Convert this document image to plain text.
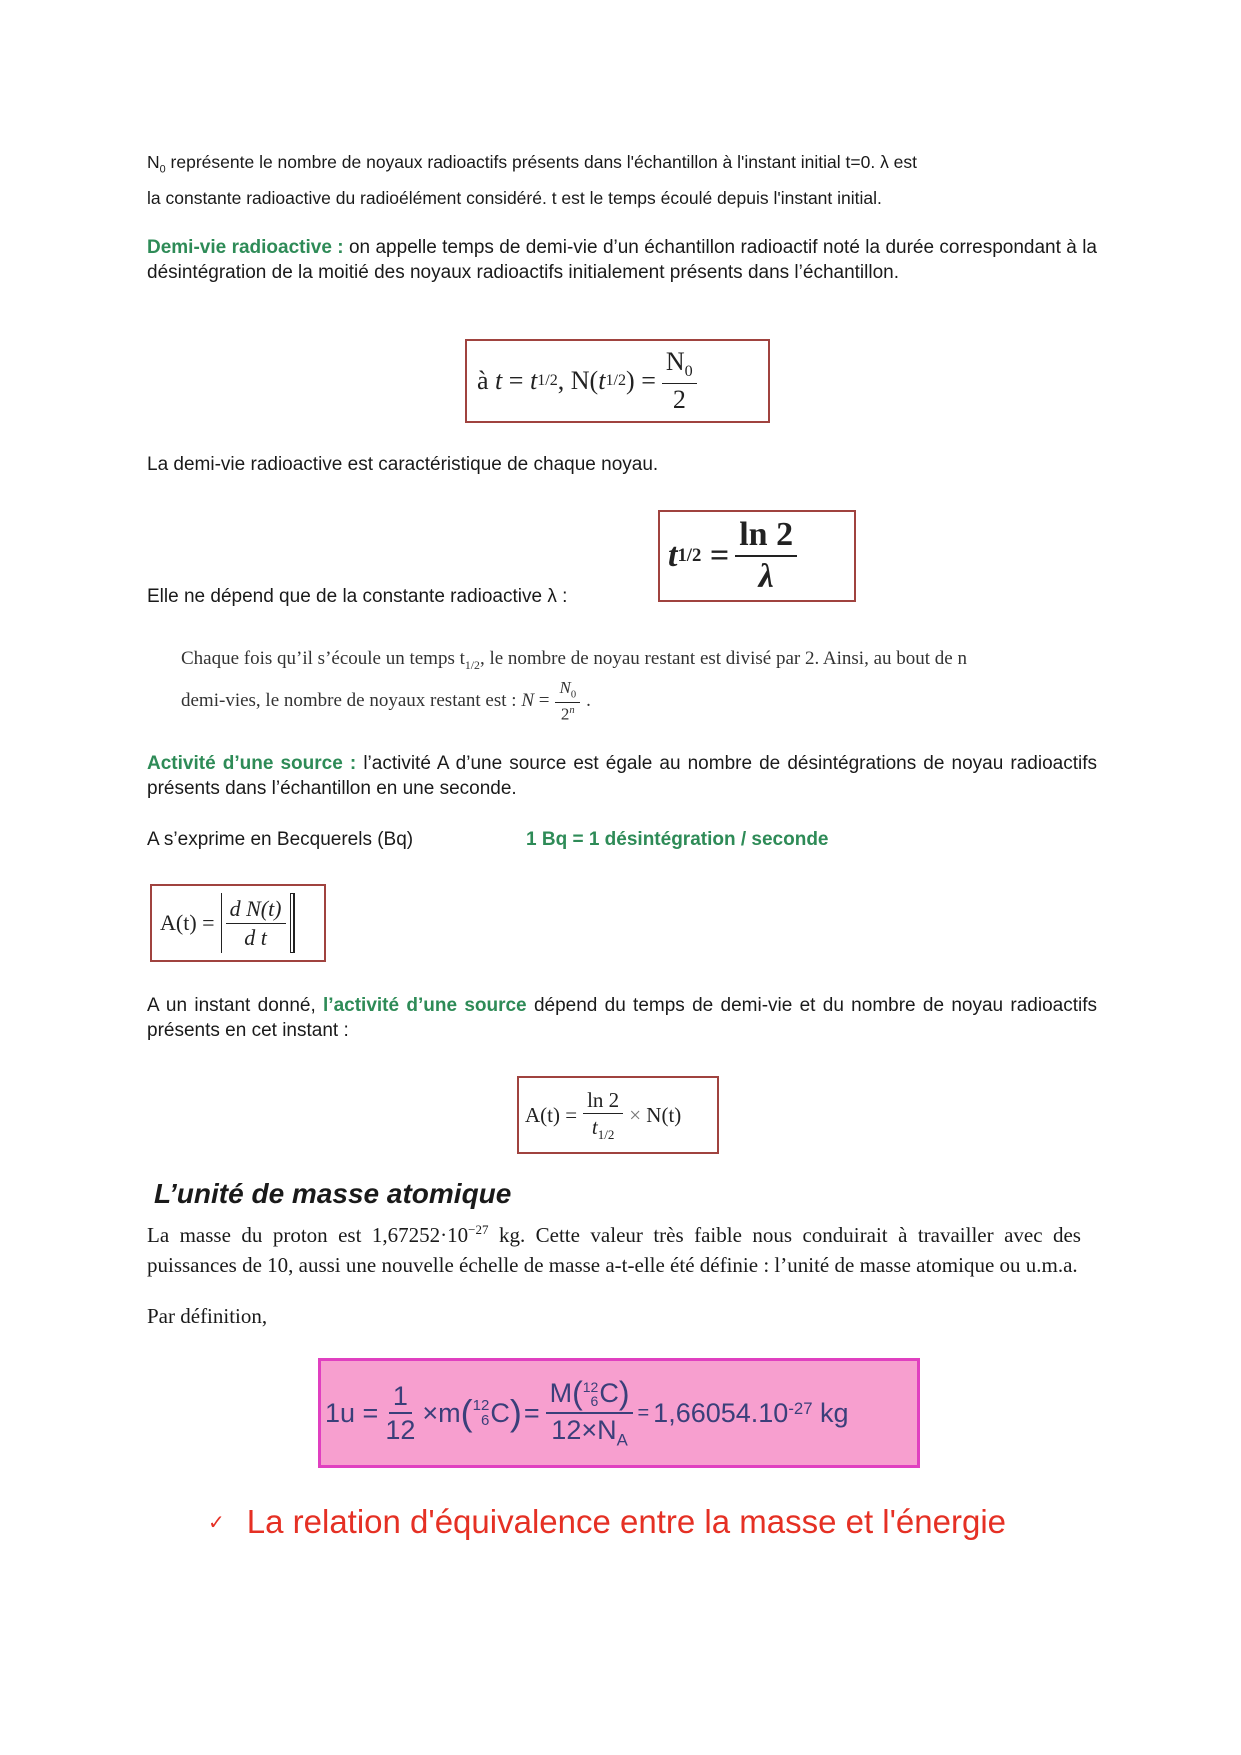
$N_0$ représente le nombre de noyaux radioactifs présents dans l'échantillon à l'instant initial t=0. λ est
la constante radioactive du radioélément considéré. t est le temps écoulé depuis l'instant initial.
Demi-vie radioactive : on appelle temps de demi-vie d’un échantillon radioactif noté la durée correspondant à la désintégration de la moitié des noyaux radioactifs initialement présents dans l’échantillon.
à
t
=
t 1/2 ,
N( t 1/2 )
= $\frac{N_0}{2}$
La demi-vie radioactive est caractéristique de chaque noyau.
t 1/2
= $\frac{\ln 2}{\lambda}$
Elle ne dépend que de la constante radioactive λ :
Chaque fois qu’il s’écoule un temps $t_{1/2}$, le nombre de noyau restant est divisé par 2. Ainsi, au bout de n
demi-vies, le nombre de noyaux restant est :
N
= $\frac{N_0}{2^n}$ .
Activité d’une source : l’activité A d’une source est égale au nombre de désintégrations de noyau radioactifs présents dans l’échantillon en une seconde.
A s’exprime en Becquerels (Bq)	1 Bq = 1 désintégration / seconde
$A(t) = \frac{\text{d N(t)}}{\text{d t}}$
A un instant donné, l’activité d’une source dépend du temps de demi-vie et du nombre de noyau radioactifs présents en cet instant :
$A(t) = \frac{\ln 2}{t_{1/2}}$ ×
N(t)
L’unité de masse atomique
La masse du proton est $1,67252\cdot 10^{-27}$ kg. Cette valeur très faible nous conduirait à travailler avec des puissances de 10, aussi une nouvelle échelle de masse a-t-elle été définie : l’unité de masse atomique ou u.m.a.
Par définition,
$1u = \frac{1}{12} \times m$ ( 12
6 C ) = M ( 12
6 C )
$12\times N_A = 1,66054.10^{-27}$
kg
✓ La relation d'équivalence entre la masse et l'énergie
